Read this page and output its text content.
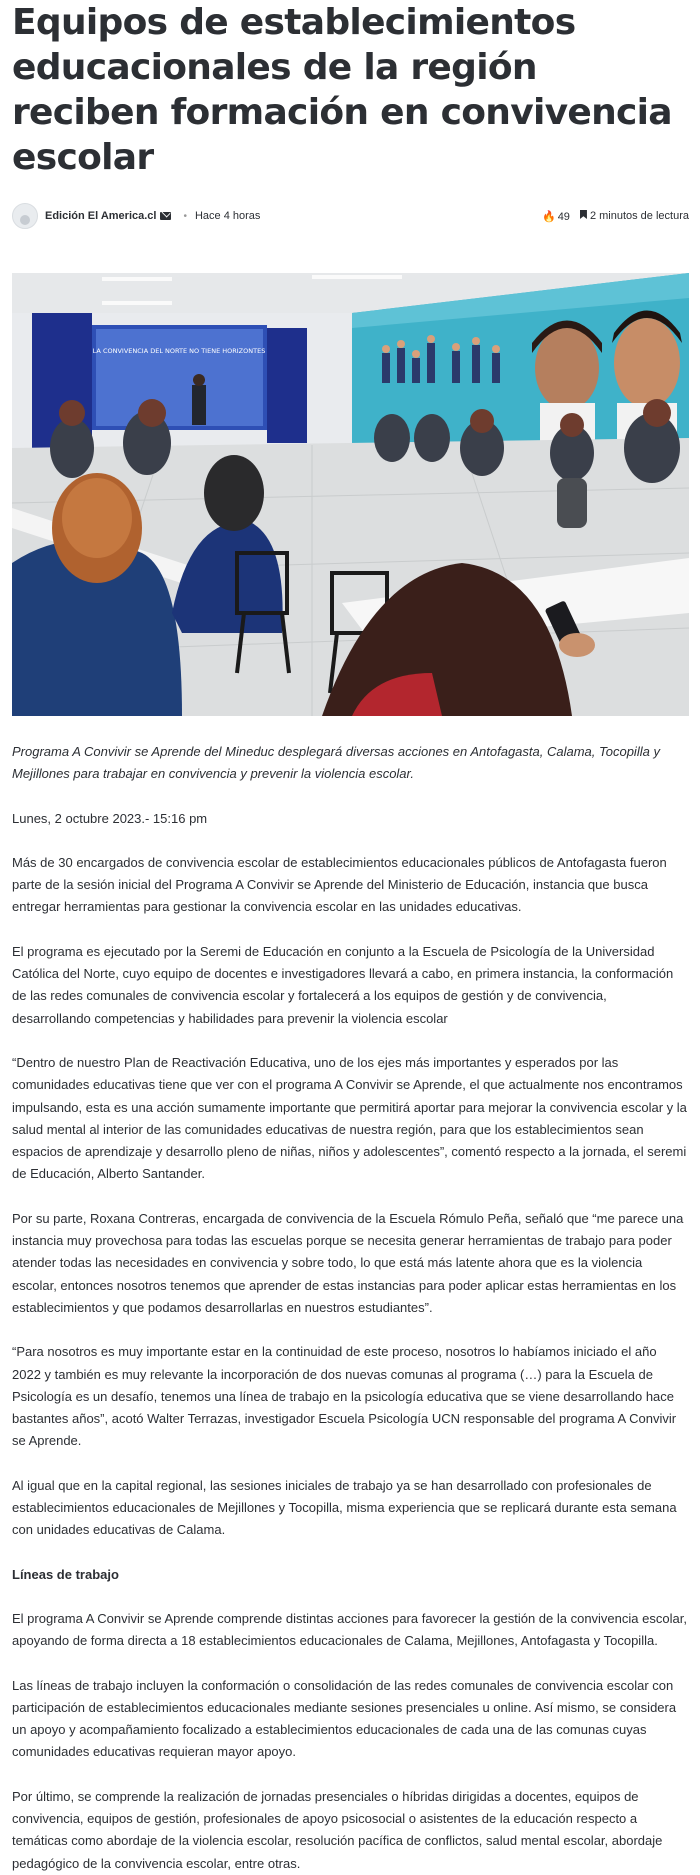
Equipos de establecimientos educacionales de la región reciben formación en convivencia escolar
Edición El America.cl	• Hace 4 horas	🔥 49	2 minutos de lectura
LA CONVIVENCIA DEL NORTE NO TIENE HORIZONTES

Programa A Convivir se Aprende del Mineduc desplegará diversas acciones en Antofagasta, Calama, Tocopilla y Mejillones para trabajar en convivencia y prevenir la violencia escolar.

Lunes, 2 octubre 2023.- 15:16 pm

Más de 30 encargados de convivencia escolar de establecimientos educacionales públicos de Antofagasta fueron parte de la sesión inicial del Programa A Convivir se Aprende del Ministerio de Educación, instancia que busca entregar herramientas para gestionar la convivencia escolar en las unidades educativas.

El programa es ejecutado por la Seremi de Educación en conjunto a la Escuela de Psicología de la Universidad Católica del Norte, cuyo equipo de docentes e investigadores llevará a cabo, en primera instancia, la conformación de las redes comunales de convivencia escolar y fortalecerá a los equipos de gestión y de convivencia, desarrollando competencias y habilidades para prevenir la violencia escolar

“Dentro de nuestro Plan de Reactivación Educativa, uno de los ejes más importantes y esperados por las comunidades educativas tiene que ver con el programa A Convivir se Aprende, el que actualmente nos encontramos impulsando, esta es una acción sumamente importante que permitirá aportar para mejorar la convivencia escolar y la salud mental al interior de las comunidades educativas de nuestra región, para que los establecimientos sean espacios de aprendizaje y desarrollo pleno de niñas, niños y adolescentes”, comentó respecto a la jornada, el seremi de Educación, Alberto Santander.

Por su parte, Roxana Contreras, encargada de convivencia de la Escuela Rómulo Peña, señaló que “me parece una instancia muy provechosa para todas las escuelas porque se necesita generar herramientas de trabajo para poder atender todas las necesidades en convivencia y sobre todo, lo que está más latente ahora que es la violencia escolar, entonces nosotros tenemos que aprender de estas instancias para poder aplicar estas herramientas en los establecimientos y que podamos desarrollarlas en nuestros estudiantes”.

“Para nosotros es muy importante estar en la continuidad de este proceso, nosotros lo habíamos iniciado el año 2022 y también es muy relevante la incorporación de dos nuevas comunas al programa (…) para la Escuela de Psicología es un desafío, tenemos una línea de trabajo en la psicología educativa que se viene desarrollando hace bastantes años”, acotó Walter Terrazas, investigador Escuela Psicología UCN responsable del programa A Convivir se Aprende.

Al igual que en la capital regional, las sesiones iniciales de trabajo ya se han desarrollado con profesionales de establecimientos educacionales de Mejillones y Tocopilla, misma experiencia que se replicará durante esta semana con unidades educativas de Calama.

Líneas de trabajo

El programa A Convivir se Aprende comprende distintas acciones para favorecer la gestión de la convivencia escolar, apoyando de forma directa a 18 establecimientos educacionales de Calama, Mejillones, Antofagasta y Tocopilla.

Las líneas de trabajo incluyen la conformación o consolidación de las redes comunales de convivencia escolar con participación de establecimientos educacionales mediante sesiones presenciales u online. Así mismo, se considera un apoyo y acompañamiento focalizado a establecimientos educacionales de cada una de las comunas cuyas comunidades educativas requieran mayor apoyo.

Por último, se comprende la realización de jornadas presenciales o híbridas dirigidas a docentes, equipos de convivencia, equipos de gestión, profesionales de apoyo psicosocial o asistentes de la educación respecto a temáticas como abordaje de la violencia escolar, resolución pacífica de conflictos, salud mental escolar, abordaje pedagógico de la convivencia escolar, entre otras.
